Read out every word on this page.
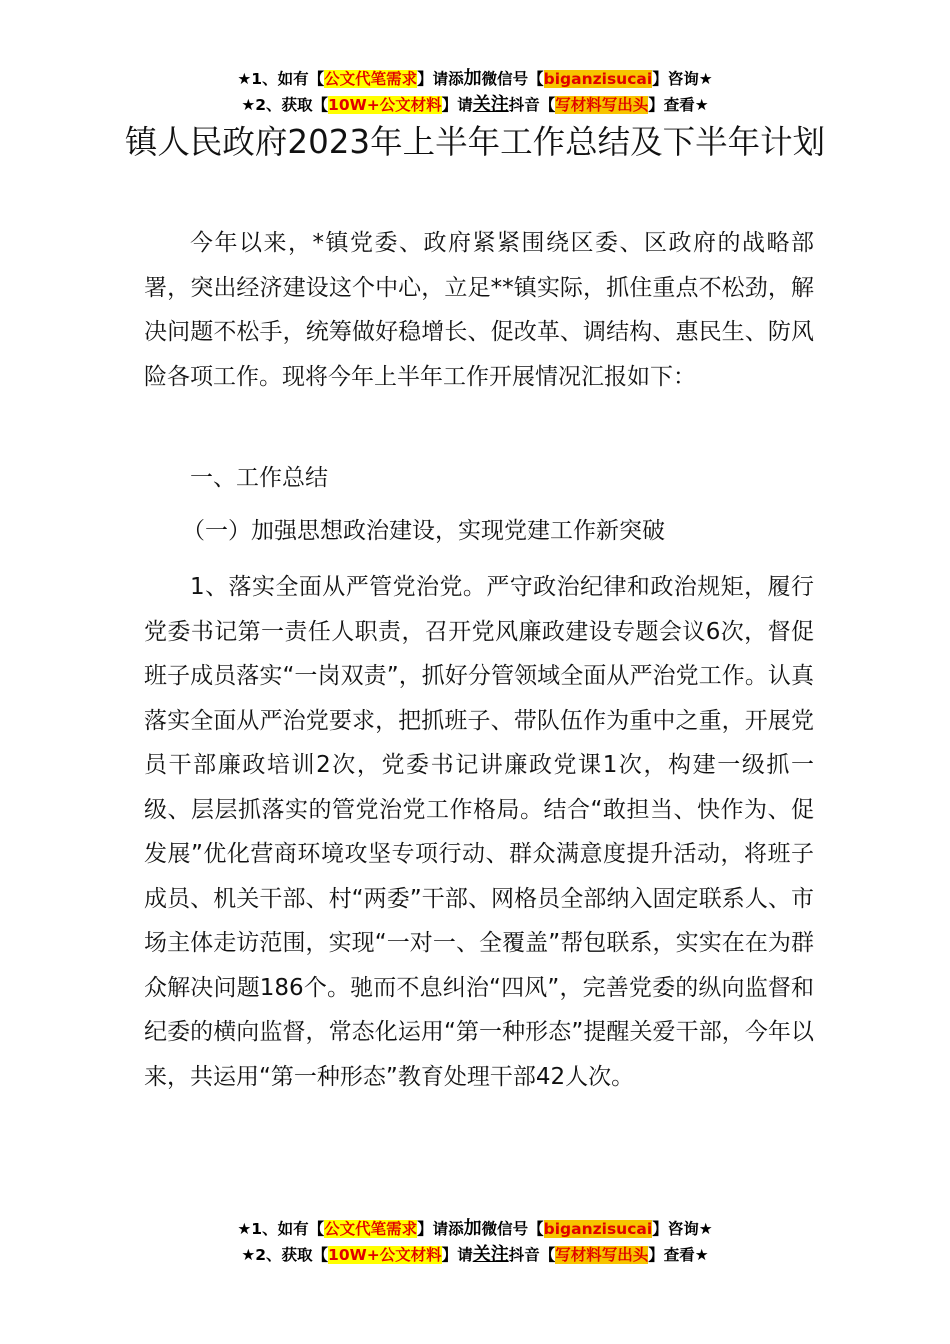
★1、如有【公文代笔需求】请添加微信号【biganzisucai】咨询★
★2、获取【10W+公文材料】请关注抖音【写材料写出头】查看★
镇人民政府2023年上半年工作总结及下半年计划

今年以来，*镇党委、政府紧紧围绕区委、区政府的战略部署，突出经济建设这个中心，立足**镇实际，抓住重点不松劲，解决问题不松手，统筹做好稳增长、促改革、调结构、惠民生、防风险各项工作。现将今年上半年工作开展情况汇报如下：

一、工作总结

（一）加强思想政治建设，实现党建工作新突破

1、落实全面从严管党治党。严守政治纪律和政治规矩，履行党委书记第一责任人职责，召开党风廉政建设专题会议6次，督促班子成员落实“一岗双责”，抓好分管领域全面从严治党工作。认真落实全面从严治党要求，把抓班子、带队伍作为重中之重，开展党员干部廉政培训2次，党委书记讲廉政党课1次，构建一级抓一级、层层抓落实的管党治党工作格局。结合“敢担当、快作为、促发展”优化营商环境攻坚专项行动、群众满意度提升活动，将班子成员、机关干部、村“两委”干部、网格员全部纳入固定联系人、市场主体走访范围，实现“一对一、全覆盖”帮包联系，实实在在为群众解决问题186个。驰而不息纠治“四风”，完善党委的纵向监督和纪委的横向监督，常态化运用“第一种形态”提醒关爱干部，今年以来，共运用“第一种形态”教育处理干部42人次。

★1、如有【公文代笔需求】请添加微信号【biganzisucai】咨询★
★2、获取【10W+公文材料】请关注抖音【写材料写出头】查看★
